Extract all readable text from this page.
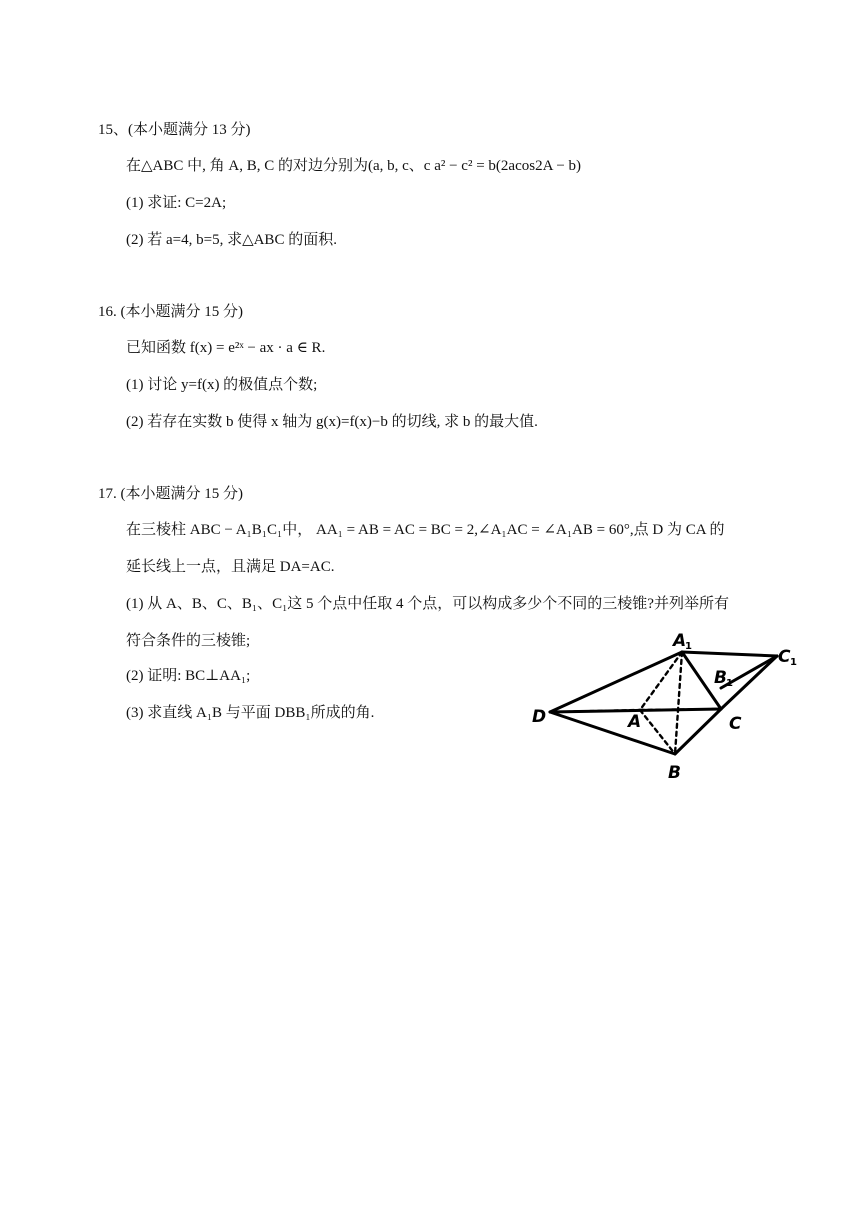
15、(本小题满分 13 分)
在△ABC 中, 角 A, B, C 的对边分别为(a, b, c、c a² − c² = b(2acos2A − b)
(1) 求证: C=2A;
(2) 若 a=4, b=5, 求△ABC 的面积.
16. (本小题满分 15 分)
已知函数 f(x) = e²ˣ − ax · a ∈ R.
(1) 讨论 y=f(x) 的极值点个数;
(2) 若存在实数 b 使得 x 轴为 g(x)=f(x)−b 的切线, 求 b 的最大值.
17. (本小题满分 15 分)
在三棱柱 ABC − A₁B₁C₁中， AA₁ = AB = AC = BC = 2,∠A₁AC = ∠A₁AB = 60°,点 D 为 CA 的
延长线上一点，且满足 DA=AC.
(1) 从 A、B、C、B₁、C₁这 5 个点中任取 4 个点，可以构成多少个不同的三棱锥?并列举所有
符合条件的三棱锥;
(2) 证明: BC⊥AA₁;
(3) 求直线 A₁B 与平面 DBB₁所成的角.
A
1
B 1
C 1
D	A	C
B
